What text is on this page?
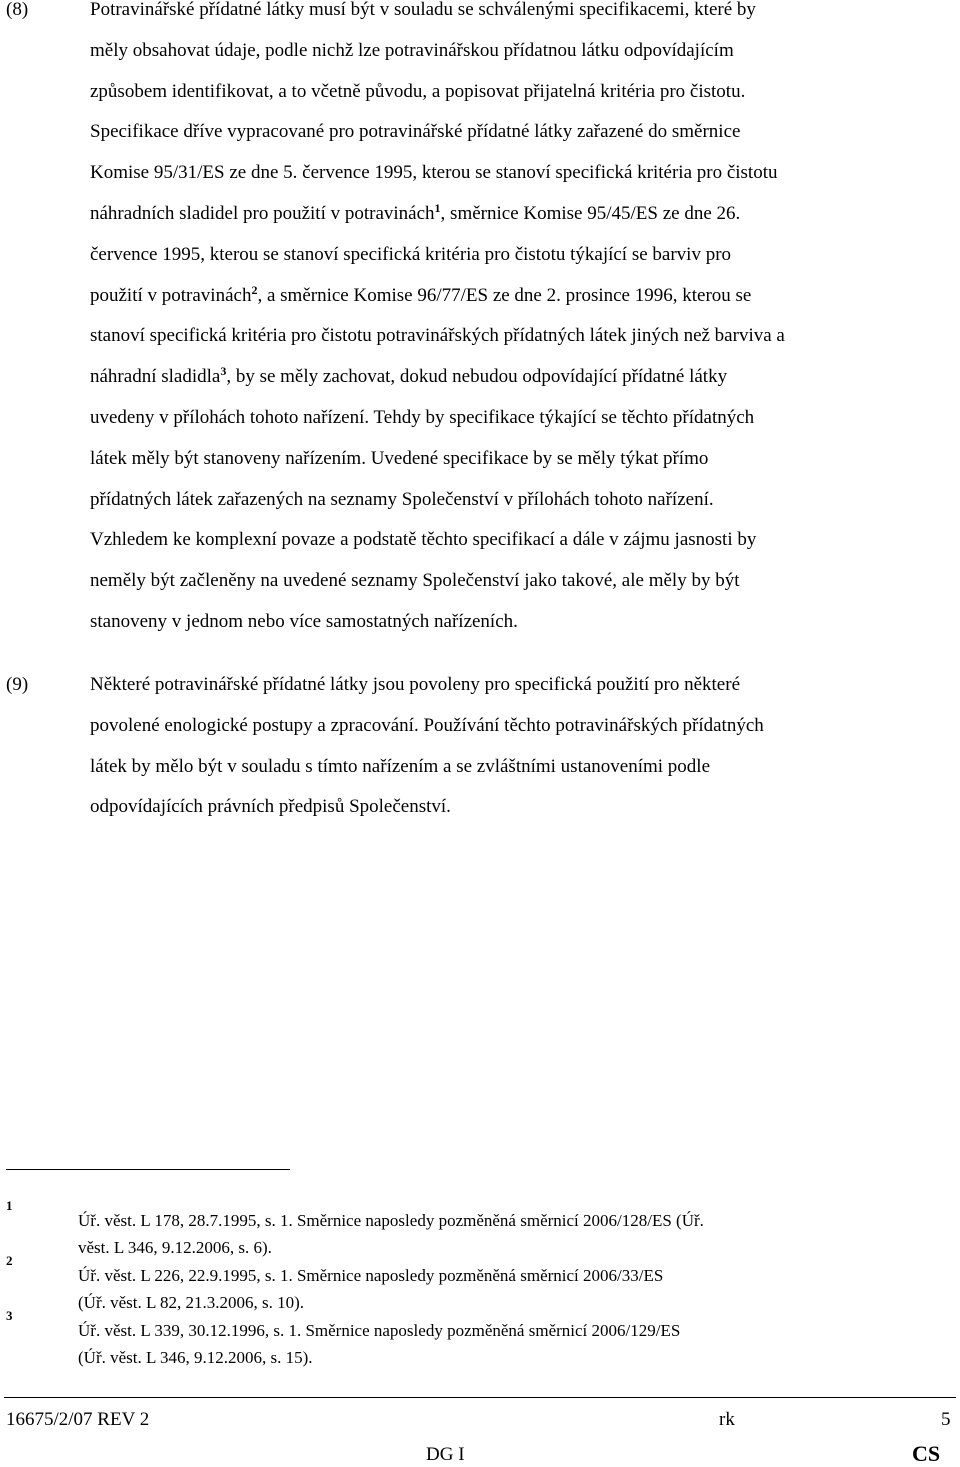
(8)	Potravinářské přídatné látky musí být v souladu se schválenými specifikacemi, které by
měly obsahovat údaje, podle nichž lze potravinářskou přídatnou látku odpovídajícím
způsobem identifikovat, a to včetně původu, a popisovat přijatelná kritéria pro čistotu.
Specifikace dříve vypracované pro potravinářské přídatné látky zařazené do směrnice
Komise 95/31/ES ze dne 5. července 1995, kterou se stanoví specifická kritéria pro čistotu
náhradních sladidel pro použití v potravinách$^1$, směrnice Komise 95/45/ES ze dne 26.
července 1995, kterou se stanoví specifická kritéria pro čistotu týkající se barviv pro
použití v potravinách$^2$, a směrnice Komise 96/77/ES ze dne 2. prosince 1996, kterou se
stanoví specifická kritéria pro čistotu potravinářských přídatných látek jiných než barviva a
náhradní sladidla$^3$, by se měly zachovat, dokud nebudou odpovídající přídatné látky
uvedeny v přílohách tohoto nařízení. Tehdy by specifikace týkající se těchto přídatných
látek měly být stanoveny nařízením. Uvedené specifikace by se měly týkat přímo
přídatných látek zařazených na seznamy Společenství v přílohách tohoto nařízení.
Vzhledem ke komplexní povaze a podstatě těchto specifikací a dále v zájmu jasnosti by
neměly být začleněny na uvedené seznamy Společenství jako takové, ale měly by být
stanoveny v jednom nebo více samostatných nařízeních.
(9)	Některé potravinářské přídatné látky jsou povoleny pro specifická použití pro některé
povolené enologické postupy a zpracování. Používání těchto potravinářských přídatných
látek by mělo být v souladu s tímto nařízením a se zvláštními ustanoveními podle
odpovídajících právních předpisů Společenství.
1
Úř. věst. L 178, 28.7.1995, s. 1. Směrnice naposledy pozměněná směrnicí 2006/128/ES (Úř.
věst. L 346, 9.12.2006, s. 6).
2
Úř. věst. L 226, 22.9.1995, s. 1. Směrnice naposledy pozměněná směrnicí 2006/33/ES
(Úř. věst. L 82, 21.3.2006, s. 10).
3
Úř. věst. L 339, 30.12.1996, s. 1. Směrnice naposledy pozměněná směrnicí 2006/129/ES
(Úř. věst. L 346, 9.12.2006, s. 15).
16675/2/07 REV 2	rk	5
DG I	CS
